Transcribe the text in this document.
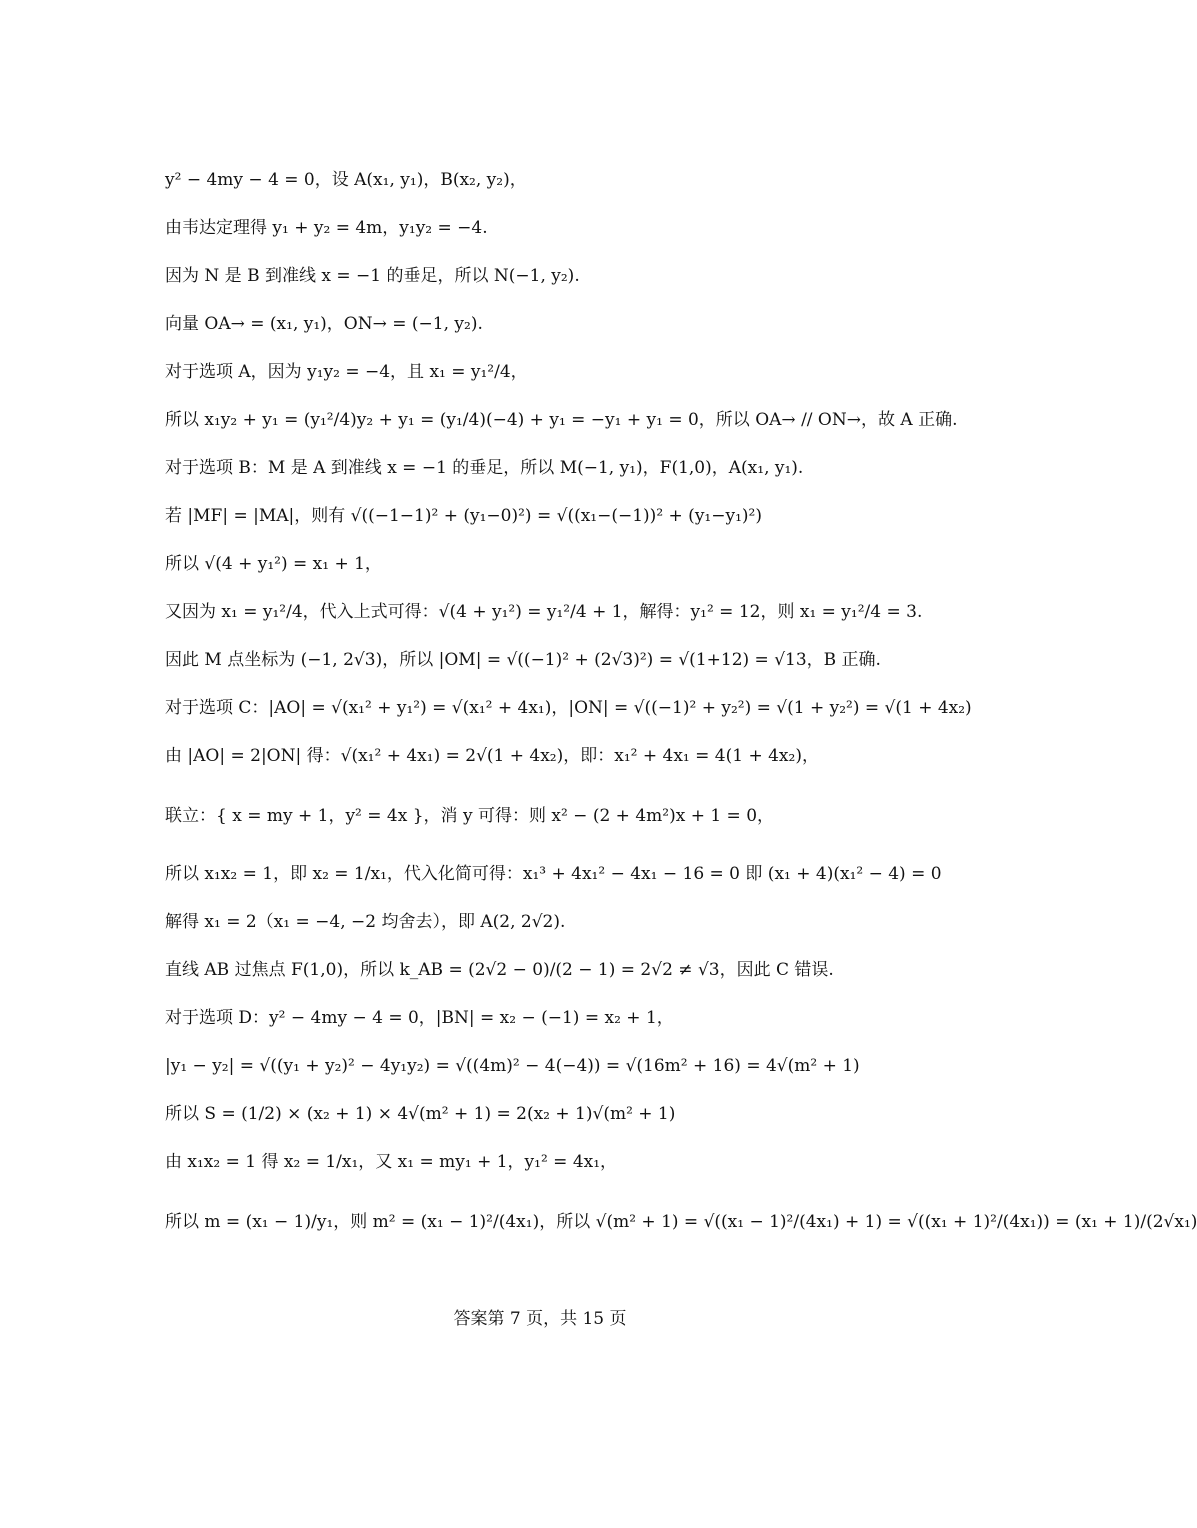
y² − 4my − 4 = 0，设 A(x₁, y₁)，B(x₂, y₂)，
由韦达定理得 y₁ + y₂ = 4m，y₁y₂ = −4.
因为 N 是 B 到准线 x = −1 的垂足，所以 N(−1, y₂).
向量 OA→ = (x₁, y₁)，ON→ = (−1, y₂).
对于选项 A，因为 y₁y₂ = −4，且 x₁ = y₁²/4，
所以 x₁y₂ + y₁ = (y₁²/4)y₂ + y₁ = (y₁/4)(−4) + y₁ = −y₁ + y₁ = 0，所以 OA→ // ON→，故 A 正确.
对于选项 B：M 是 A 到准线 x = −1 的垂足，所以 M(−1, y₁)，F(1,0)，A(x₁, y₁).
若 |MF| = |MA|，则有 √((−1−1)² + (y₁−0)²) = √((x₁−(−1))² + (y₁−y₁)²)
所以 √(4 + y₁²) = x₁ + 1，
又因为 x₁ = y₁²/4，代入上式可得：√(4 + y₁²) = y₁²/4 + 1，解得：y₁² = 12，则 x₁ = y₁²/4 = 3.
因此 M 点坐标为 (−1, 2√3)，所以 |OM| = √((−1)² + (2√3)²) = √(1+12) = √13，B 正确.
对于选项 C：|AO| = √(x₁² + y₁²) = √(x₁² + 4x₁)，|ON| = √((−1)² + y₂²) = √(1 + y₂²) = √(1 + 4x₂)
由 |AO| = 2|ON| 得：√(x₁² + 4x₁) = 2√(1 + 4x₂)，即：x₁² + 4x₁ = 4(1 + 4x₂)，
联立：{ x = my + 1，y² = 4x }，消 y 可得：则 x² − (2 + 4m²)x + 1 = 0，
所以 x₁x₂ = 1，即 x₂ = 1/x₁，代入化简可得：x₁³ + 4x₁² − 4x₁ − 16 = 0 即 (x₁ + 4)(x₁² − 4) = 0
解得 x₁ = 2（x₁ = −4, −2 均舍去），即 A(2, 2√2).
直线 AB 过焦点 F(1,0)，所以 k_AB = (2√2 − 0)/(2 − 1) = 2√2 ≠ √3，因此 C 错误.
对于选项 D：y² − 4my − 4 = 0，|BN| = x₂ − (−1) = x₂ + 1，
|y₁ − y₂| = √((y₁ + y₂)² − 4y₁y₂) = √((4m)² − 4(−4)) = √(16m² + 16) = 4√(m² + 1)
所以 S = (1/2) × (x₂ + 1) × 4√(m² + 1) = 2(x₂ + 1)√(m² + 1)
由 x₁x₂ = 1 得 x₂ = 1/x₁，又 x₁ = my₁ + 1，y₁² = 4x₁，
所以 m = (x₁ − 1)/y₁，则 m² = (x₁ − 1)²/(4x₁)，所以 √(m² + 1) = √((x₁ − 1)²/(4x₁) + 1) = √((x₁ + 1)²/(4x₁)) = (x₁ + 1)/(2√x₁)
答案第 7 页，共 15 页
